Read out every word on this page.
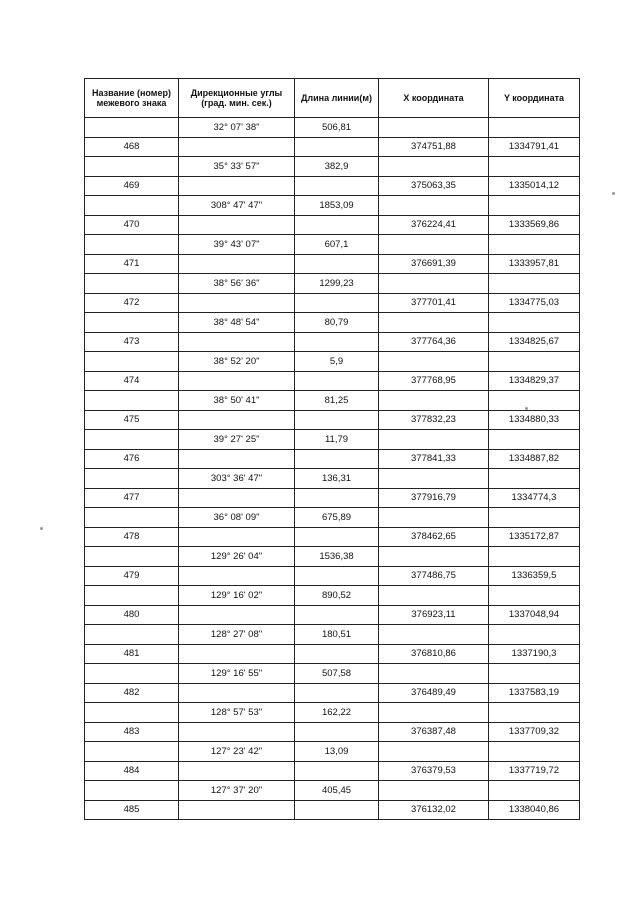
Название (номер) межевого знака	Дирекционные углы (град. мин. сек.)	Длина линии(м)	X координата	Y координата
	32° 07' 38"	506,81		
468			374751,88	1334791,41
	35° 33' 57"	382,9		
469			375063,35	1335014,12
	308° 47' 47"	1853,09		
470			376224,41	1333569,86
	39° 43' 07"	607,1		
471			376691,39	1333957,81
	38° 56' 36"	1299,23		
472			377701,41	1334775,03
	38° 48' 54"	80,79		
473			377764,36	1334825,67
	38° 52' 20"	5,9		
474			377768,95	1334829,37
	38° 50' 41"	81,25		
475			377832,23	1334880,33
	39° 27' 25"	11,79		
476			377841,33	1334887,82
	303° 36' 47"	136,31		
477			377916,79	1334774,3
	36° 08' 09"	675,89		
478			378462,65	1335172,87
	129° 26' 04"	1536,38		
479			377486,75	1336359,5
	129° 16' 02"	890,52		
480			376923,11	1337048,94
	128° 27' 08"	180,51		
481			376810,86	1337190,3
	129° 16' 55"	507,58		
482			376489,49	1337583,19
	128° 57' 53"	162,22		
483			376387,48	1337709,32
	127° 23' 42"	13,09		
484			376379,53	1337719,72
	127° 37' 20"	405,45		
485			376132,02	1338040,86
